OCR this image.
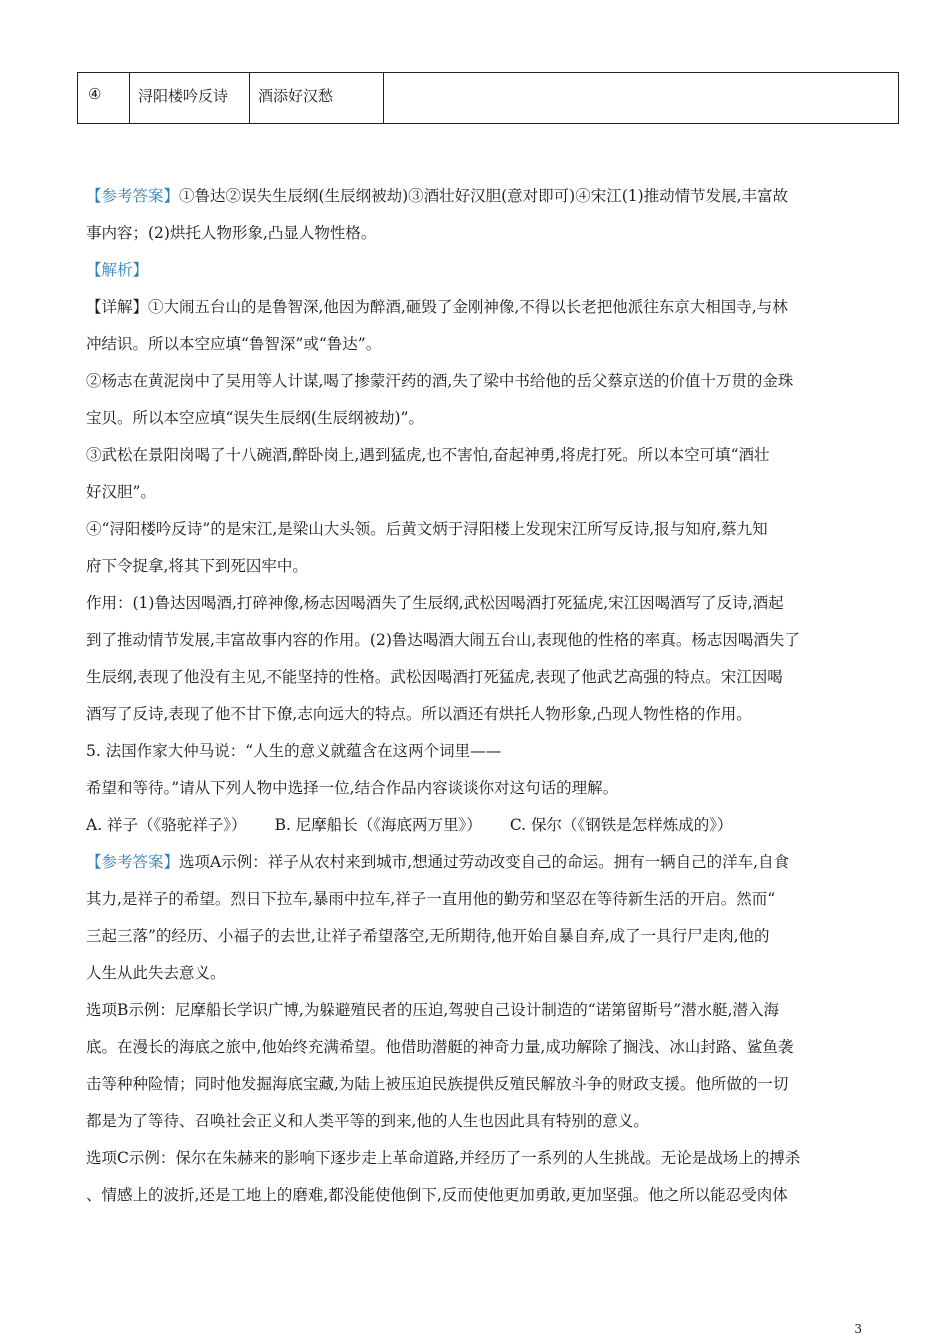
④	浔阳楼吟反诗	酒添好汉愁

【参考答案】①鲁达②误失生辰纲(生辰纲被劫)③酒壮好汉胆(意对即可)④宋江(1)推动情节发展,丰富故

事内容；(2)烘托人物形象,凸显人物性格。

【解析】

【详解】①大闹五台山的是鲁智深,他因为醉酒,砸毁了金刚神像,不得以长老把他派往东京大相国寺,与林

冲结识。所以本空应填“鲁智深”或“鲁达”。

②杨志在黄泥岗中了吴用等人计谋,喝了掺蒙汗药的酒,失了梁中书给他的岳父蔡京送的价值十万贯的金珠

宝贝。所以本空应填“误失生辰纲(生辰纲被劫)”。

③武松在景阳岗喝了十八碗酒,醉卧岗上,遇到猛虎,也不害怕,奋起神勇,将虎打死。所以本空可填“酒壮

好汉胆”。

④“浔阳楼吟反诗”的是宋江,是梁山大头领。后黄文炳于浔阳楼上发现宋江所写反诗,报与知府,蔡九知

府下令捉拿,将其下到死囚牢中。

作用：(1)鲁达因喝酒,打碎神像,杨志因喝酒失了生辰纲,武松因喝酒打死猛虎,宋江因喝酒写了反诗,酒起

到了推动情节发展,丰富故事内容的作用。(2)鲁达喝酒大闹五台山,表现他的性格的率真。杨志因喝酒失了

生辰纲,表现了他没有主见,不能坚持的性格。武松因喝酒打死猛虎,表现了他武艺高强的特点。宋江因喝

酒写了反诗,表现了他不甘下僚,志向远大的特点。所以酒还有烘托人物形象,凸现人物性格的作用。

5. 法国作家大仲马说：“人生的意义就蕴含在这两个词里——

希望和等待。”请从下列人物中选择一位,结合作品内容谈谈你对这句话的理解。

A. 祥子（《骆驼祥子》） B. 尼摩船长（《海底两万里》） C. 保尔（《钢铁是怎样炼成的》）

【参考答案】选项A示例：祥子从农村来到城市,想通过劳动改变自己的命运。拥有一辆自己的洋车,自食

其力,是祥子的希望。烈日下拉车,暴雨中拉车,祥子一直用他的勤劳和坚忍在等待新生活的开启。然而“

三起三落”的经历、小福子的去世,让祥子希望落空,无所期待,他开始自暴自弃,成了一具行尸走肉,他的

人生从此失去意义。

选项B示例：尼摩船长学识广博,为躲避殖民者的压迫,驾驶自己设计制造的“诺第留斯号”潜水艇,潜入海

底。在漫长的海底之旅中,他始终充满希望。他借助潜艇的神奇力量,成功解除了搁浅、冰山封路、鲨鱼袭

击等种种险情；同时他发掘海底宝藏,为陆上被压迫民族提供反殖民解放斗争的财政支援。他所做的一切

都是为了等待、召唤社会正义和人类平等的到来,他的人生也因此具有特别的意义。

选项C示例：保尔在朱赫来的影响下逐步走上革命道路,并经历了一系列的人生挑战。无论是战场上的搏杀

、情感上的波折,还是工地上的磨难,都没能使他倒下,反而使他更加勇敢,更加坚强。他之所以能忍受肉体

3
